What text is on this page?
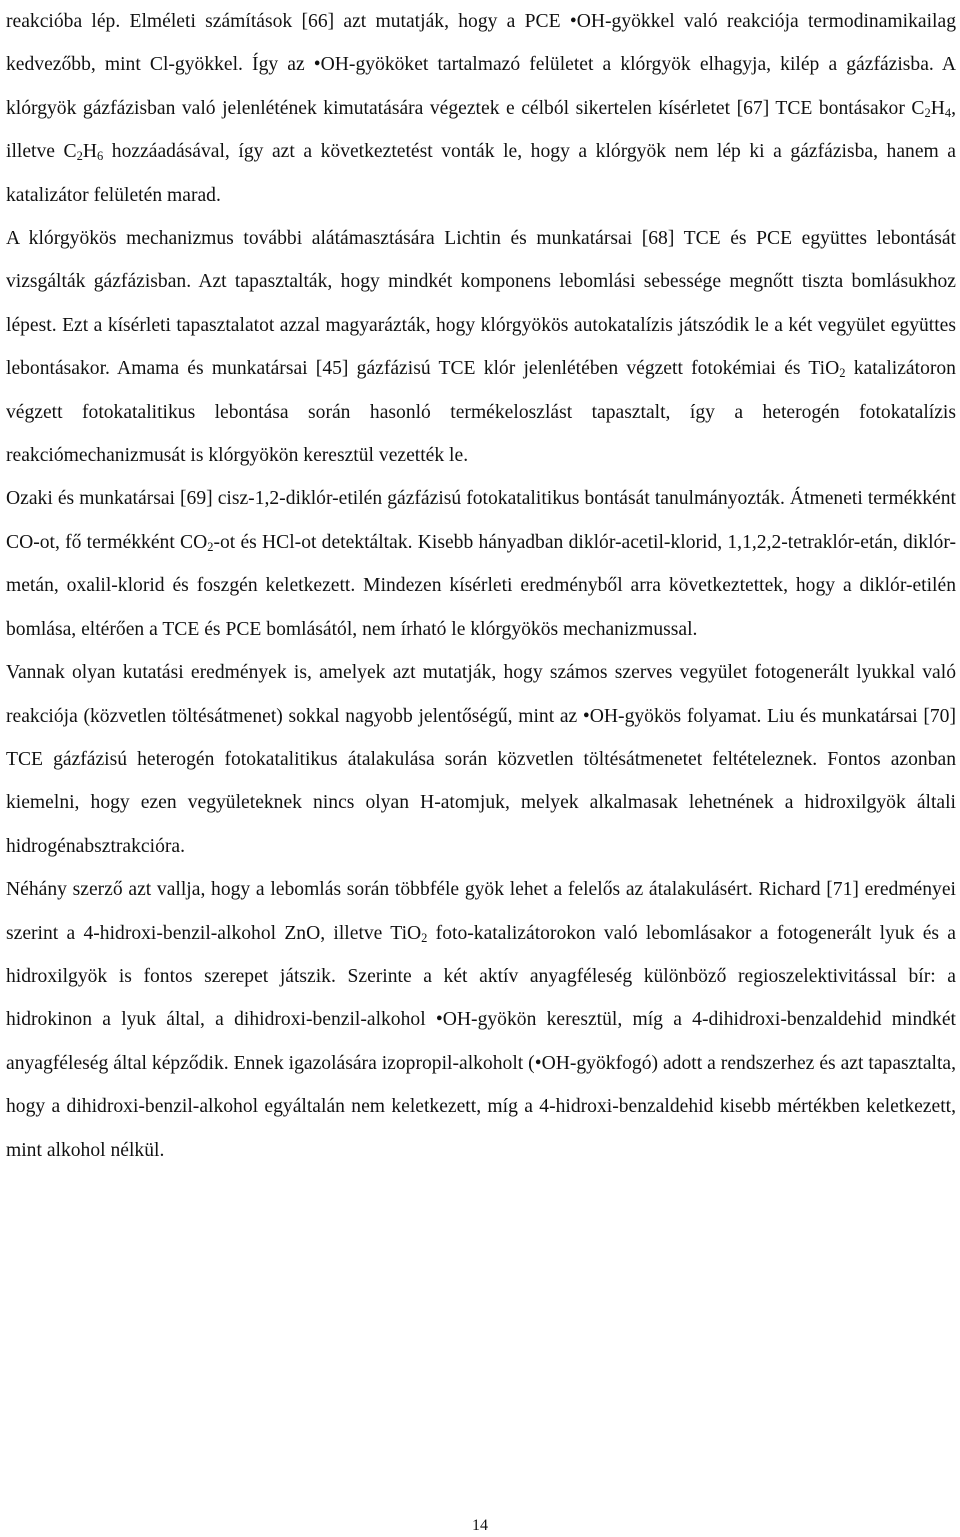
reakcióba lép. Elméleti számítások [66] azt mutatják, hogy a PCE •OH-gyökkel való reakciója termodinamikailag kedvezőbb, mint Cl-gyökkel. Így az •OH-gyököket tartalmazó felületet a klórgyök elhagyja, kilép a gázfázisba. A klórgyök gázfázisban való jelenlétének kimutatására végeztek e célból sikertelen kísérletet [67] TCE bontásakor $C_2H_4$, illetve $C_2H_6$ hozzáadásával, így azt a következtetést vonták le, hogy a klórgyök nem lép ki a gázfázisba, hanem a katalizátor felületén marad.

A klórgyökös mechanizmus további alátámasztására Lichtin és munkatársai [68] TCE és PCE együttes lebontását vizsgálták gázfázisban. Azt tapasztalták, hogy mindkét komponens lebomlási sebessége megnőtt tiszta bomlásukhoz lépest. Ezt a kísérleti tapasztalatot azzal magyarázták, hogy klórgyökös autokatalízis játszódik le a két vegyület együttes lebontásakor. Amama és munkatársai [45] gázfázisú TCE klór jelenlétében végzett fotokémiai és TiO$_2$ katalizátoron végzett fotokatalitikus lebontása során hasonló termékeloszlást tapasztalt, így a heterogén fotokatalízis reakciómechanizmusát is klórgyökön keresztül vezették le.

Ozaki és munkatársai [69] cisz-1,2-diklór-etilén gázfázisú fotokatalitikus bontását tanulmányozták. Átmeneti termékként CO-ot, fő termékként $CO_2-ot$ és HCl-ot detektáltak. Kisebb hányadban diklór-acetil-klorid, 1,1,2,2-tetraklór-etán, diklór-metán, oxalil-klorid és foszgén keletkezett. Mindezen kísérleti eredményből arra következtettek, hogy a diklór-etilén bomlása, eltérően a TCE és PCE bomlásától, nem írható le klórgyökös mechanizmussal.

Vannak olyan kutatási eredmények is, amelyek azt mutatják, hogy számos szerves vegyület fotogenerált lyukkal való reakciója (közvetlen töltésátmenet) sokkal nagyobb jelentőségű, mint az •OH-gyökös folyamat. Liu és munkatársai [70] TCE gázfázisú heterogén fotokatalitikus átalakulása során közvetlen töltésátmenetet feltételeznek. Fontos azonban kiemelni, hogy ezen vegyületeknek nincs olyan H-atomjuk, melyek alkalmasak lehetnének a hidroxilgyök általi hidrogénabsztrakcióra.

Néhány szerző azt vallja, hogy a lebomlás során többféle gyök lehet a felelős az átalakulásért. Richard [71] eredményei szerint a 4-hidroxi-benzil-alkohol ZnO, illetve TiO$_2$ foto-katalizátorokon való lebomlásakor a fotogenerált lyuk és a hidroxilgyök is fontos szerepet játszik. Szerinte a két aktív anyagféleség különböző regioszelektivitással bír: a hidrokinon a lyuk által, a dihidroxi-benzil-alkohol •OH-gyökön keresztül, míg a 4-dihidroxi-benzaldehid mindkét anyagféleség által képződik. Ennek igazolására izopropil-alkoholt (•OH-gyökfogó) adott a rendszerhez és azt tapasztalta, hogy a dihidroxi-benzil-alkohol egyáltalán nem keletkezett, míg a 4-hidroxi-benzaldehid kisebb mértékben keletkezett, mint alkohol nélkül.

14
